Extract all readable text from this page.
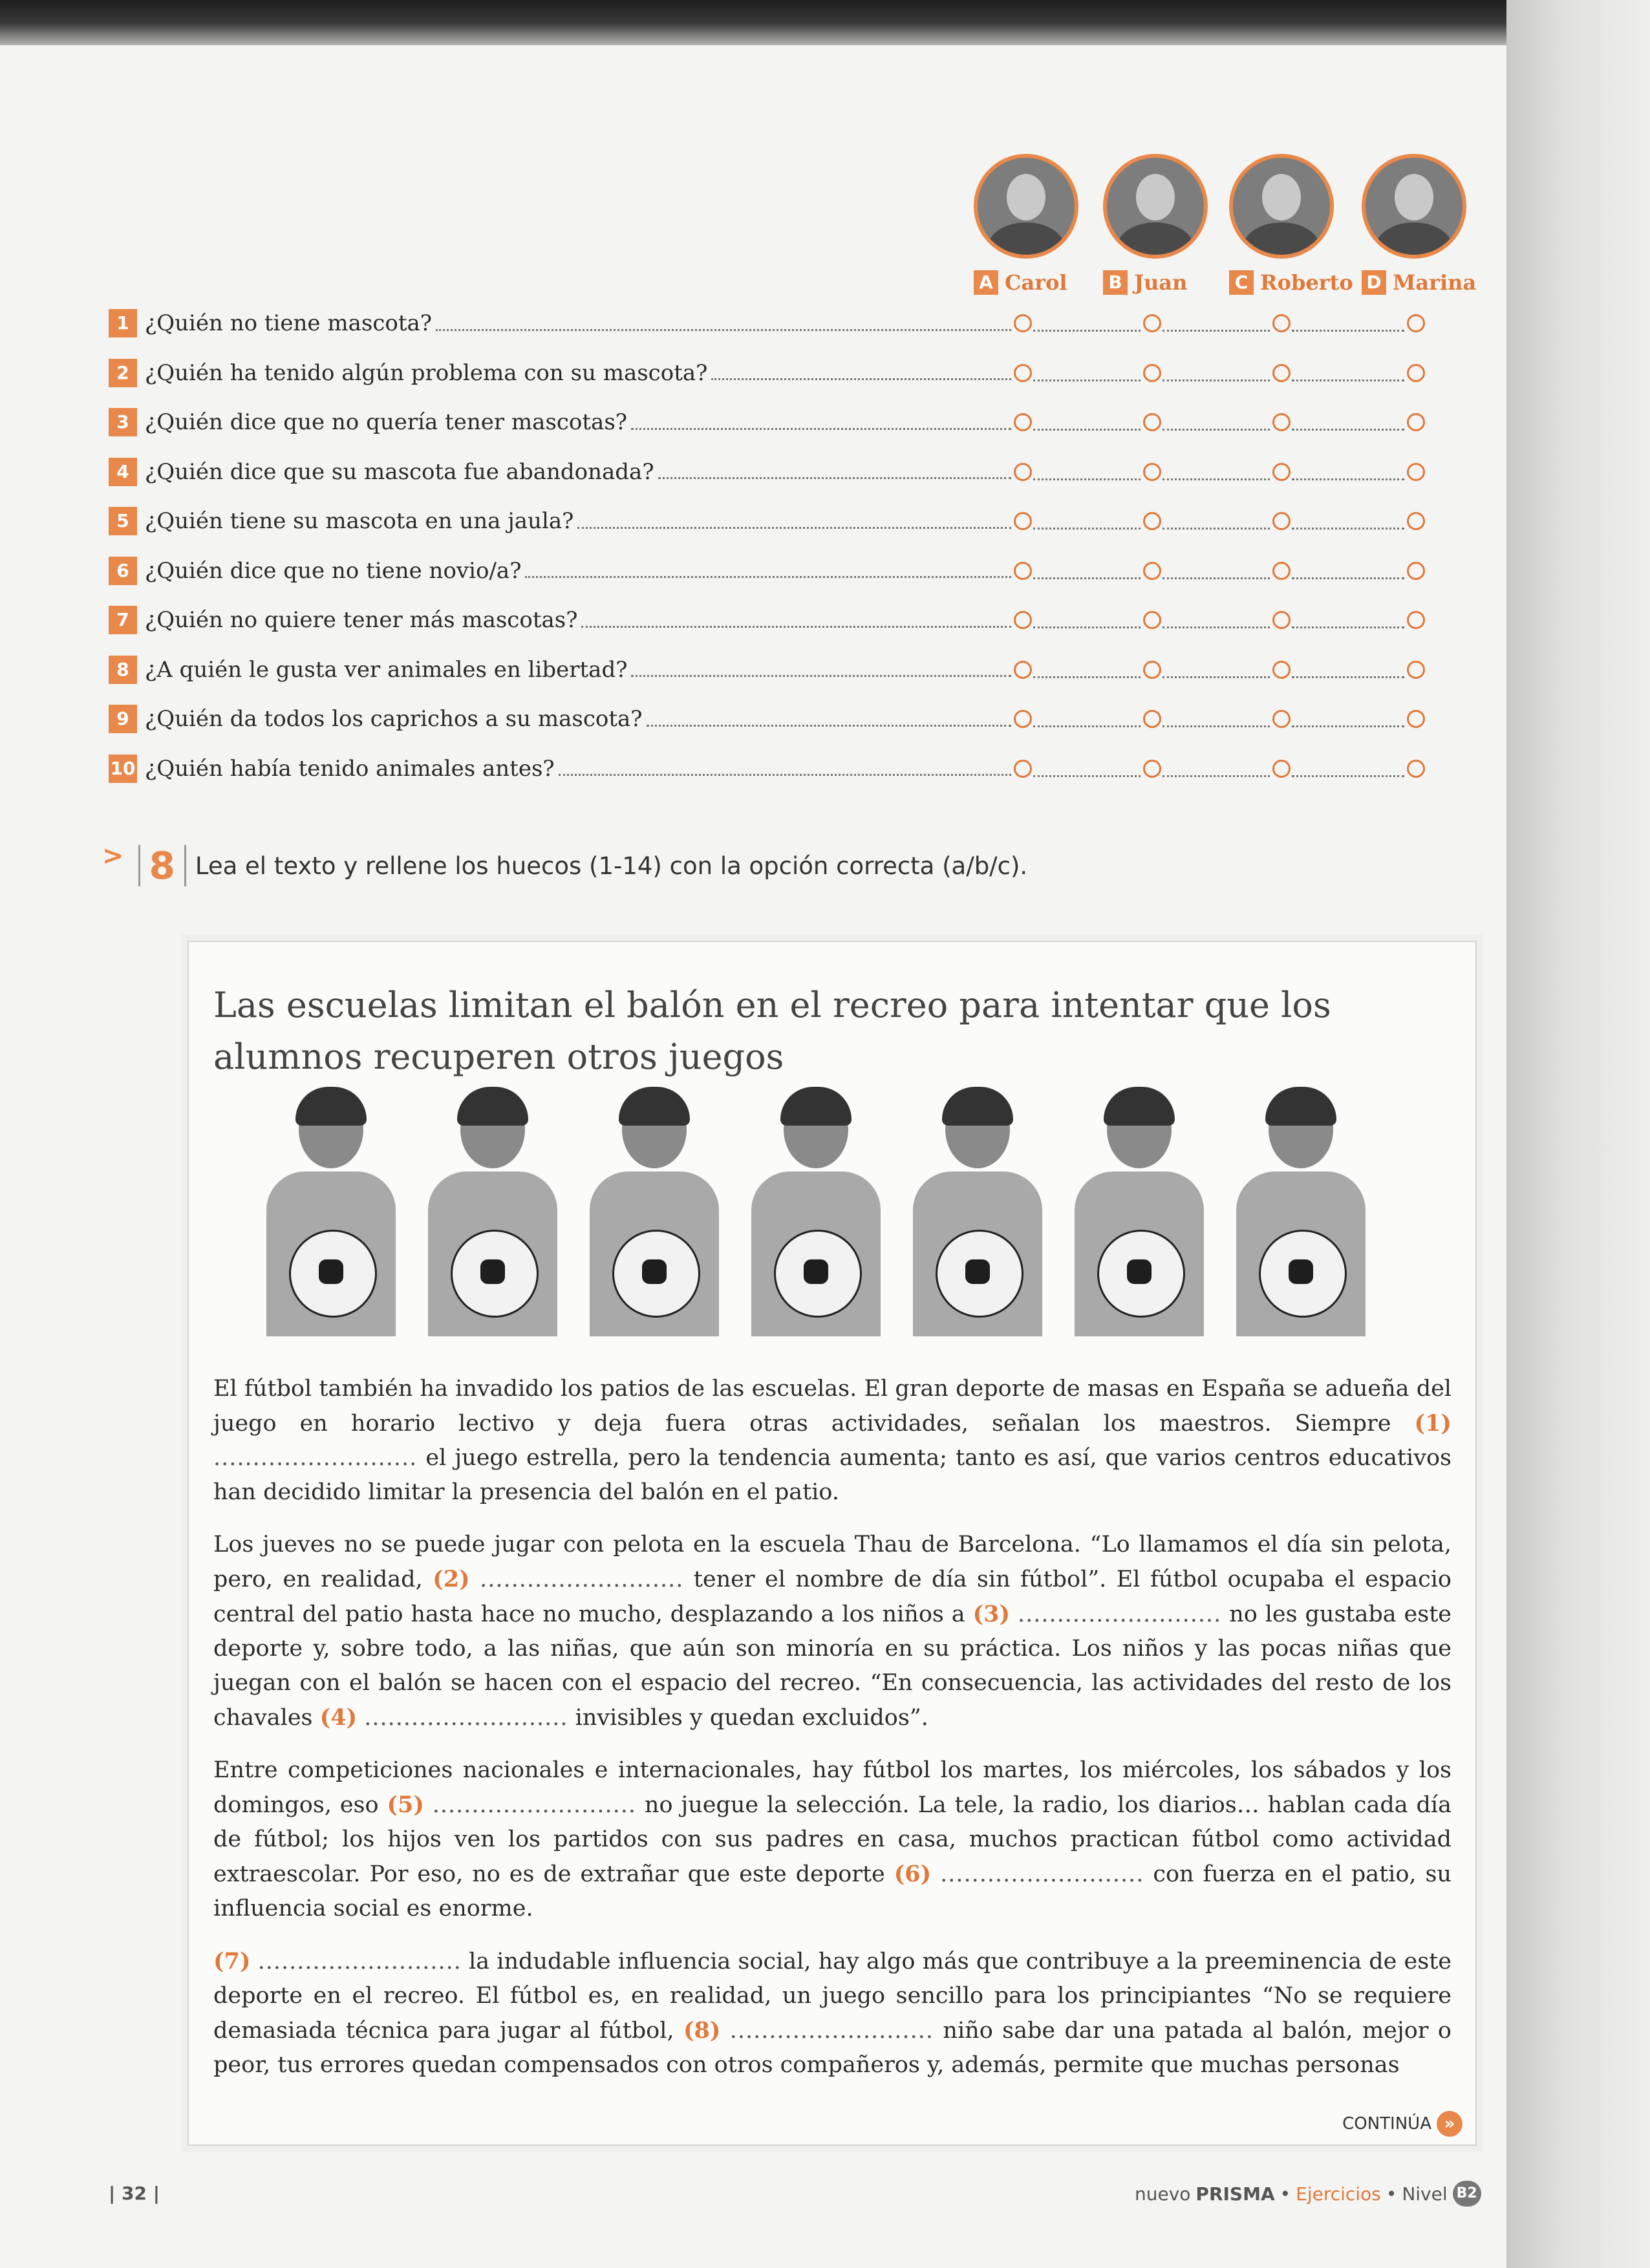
A Carol B Juan	C Roberto D Marina
1 ¿Quién no tiene mascota?
2 ¿Quién ha tenido algún problema con su mascota?
3 ¿Quién dice que no quería tener mascotas?
4 ¿Quién dice que su mascota fue abandonada?
5 ¿Quién tiene su mascota en una jaula?
6 ¿Quién dice que no tiene novio/a?
7 ¿Quién no quiere tener más mascotas?
8 ¿A quién le gusta ver animales en libertad?
9 ¿Quién da todos los caprichos a su mascota?
10 ¿Quién había tenido animales antes?
> 8 Lea el texto y rellene los huecos (1-14) con la opción correcta (a/b/c).
Las escuelas limitan el balón en el recreo para intentar que los alumnos recuperen otros juegos

El fútbol también ha invadido los patios de las escuelas. El gran deporte de masas en España se adueña del juego en horario lectivo y deja fuera otras actividades, señalan los maestros. Siempre (1) .......................... el juego estrella, pero la tendencia aumenta; tanto es así, que varios centros educativos han decidido limitar la presencia del balón en el patio.

Los jueves no se puede jugar con pelota en la escuela Thau de Barcelona. “Lo llamamos el día sin pelota, pero, en realidad, (2) .......................... tener el nombre de día sin fútbol”. El fútbol ocupaba el espacio central del patio hasta hace no mucho, desplazando a los niños a (3) .......................... no les gustaba este deporte y, sobre todo, a las niñas, que aún son minoría en su práctica. Los niños y las pocas niñas que juegan con el balón se hacen con el espacio del recreo. “En consecuencia, las actividades del resto de los chavales (4) .......................... invisibles y quedan excluidos”.

Entre competiciones nacionales e internacionales, hay fútbol los martes, los miércoles, los sábados y los domingos, eso (5) .......................... no juegue la selección. La tele, la radio, los diarios… hablan cada día de fútbol; los hijos ven los partidos con sus padres en casa, muchos practican fútbol como actividad extraescolar. Por eso, no es de extrañar que este deporte (6) .......................... con fuerza en el patio, su influencia social es enorme.

(7) .......................... la indudable influencia social, hay algo más que contribuye a la preeminencia de este deporte en el recreo. El fútbol es, en realidad, un juego sencillo para los principiantes “No se requiere demasiada técnica para jugar al fútbol, (8) .......................... niño sabe dar una patada al balón, mejor o peor, tus errores quedan compensados con otros compañeros y, además, permite que muchas personas

CONTINÚA »
| 32 |	nuevo PRISMA • Ejercicios • Nivel B2
